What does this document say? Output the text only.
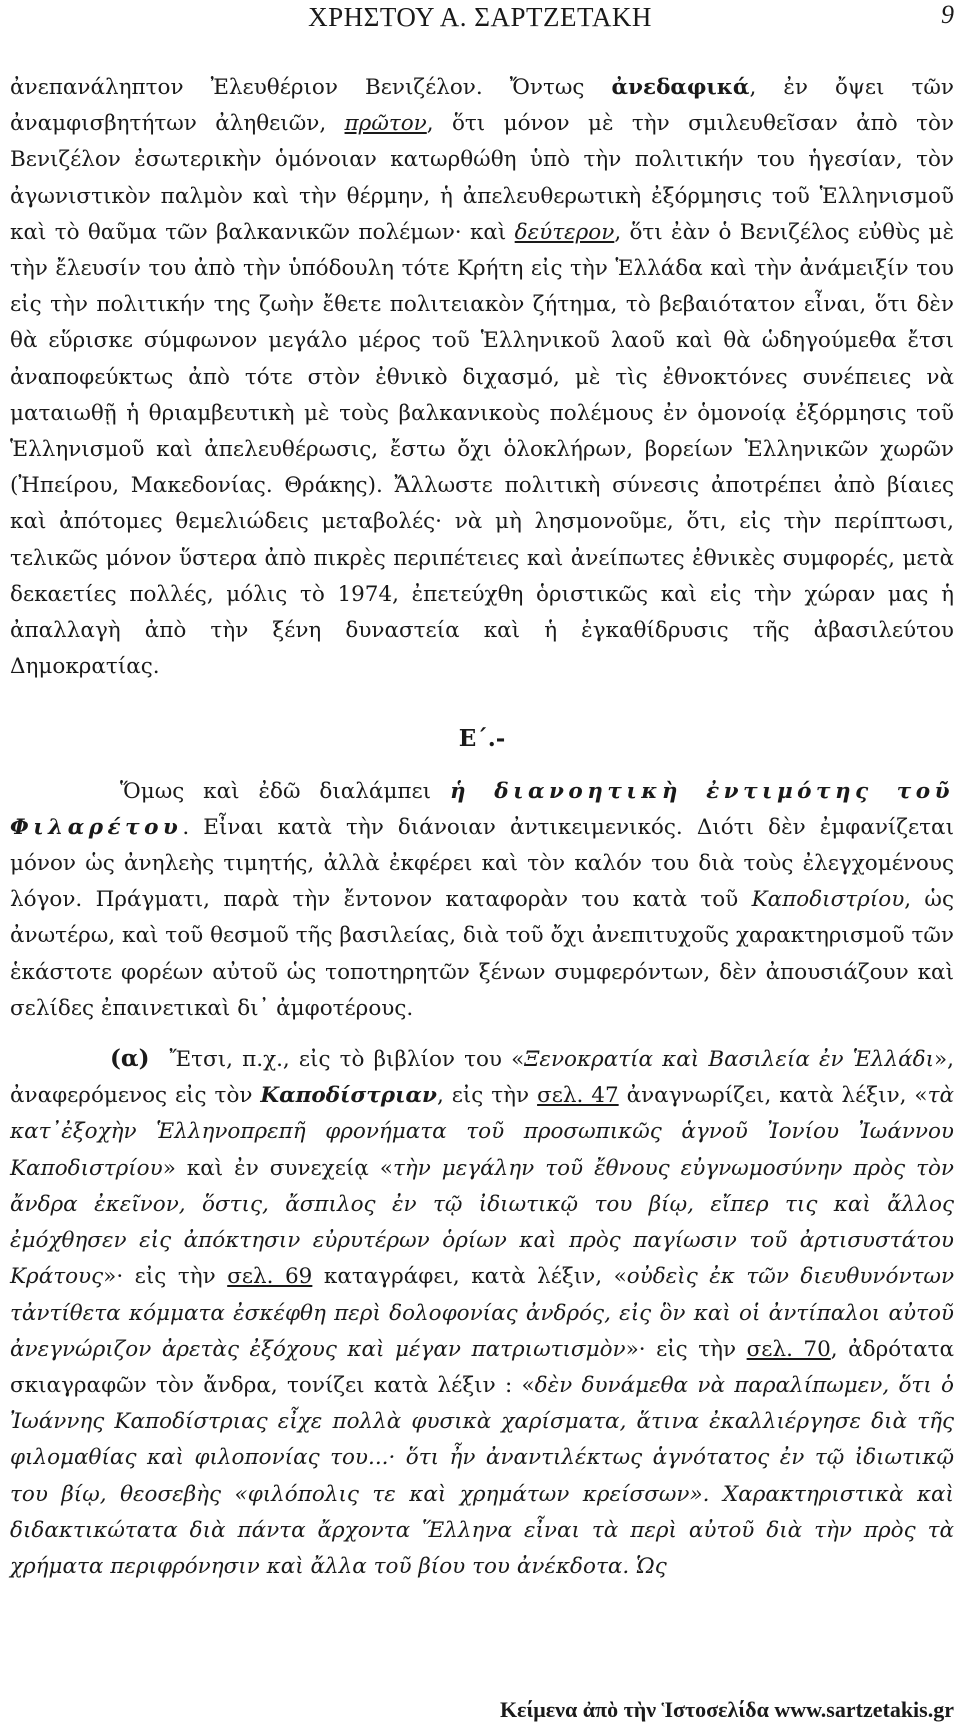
ΧΡΗΣΤΟΥ Α. ΣΑΡΤΖΕΤΑΚΗ	9

ἀνεπανάληπτον Ἐλευθέριον Βενιζέλον. Ὄντως ἀνεδαφικά, ἐν ὄψει τῶν ἀναμφισβητήτων ἀληθειῶν, πρῶτον, ὅτι μόνον μὲ τὴν σμιλευθεῖσαν ἀπὸ τὸν Βενιζέλον ἐσωτερικὴν ὁμόνοιαν κατωρθώθη ὑπὸ τὴν πολιτικήν του ἡγεσίαν, τὸν ἀγωνιστικὸν παλμὸν καὶ τὴν θέρμην, ἡ ἀπελευθερωτικὴ ἐξόρμησις τοῦ Ἑλληνισμοῦ καὶ τὸ θαῦμα τῶν βαλκανικῶν πολέμων· καὶ δεύτερον, ὅτι ἐὰν ὁ Βενιζέλος εὐθὺς μὲ τὴν ἔλευσίν του ἀπὸ τὴν ὑπόδουλη τότε Κρήτη εἰς τὴν Ἑλλάδα καὶ τὴν ἀνάμειξίν του εἰς τὴν πολιτικήν της ζωὴν ἔθετε πολιτειακὸν ζήτημα, τὸ βεβαιότατον εἶναι, ὅτι δὲν θὰ εὕρισκε σύμφωνον μεγάλο μέρος τοῦ Ἑλληνικοῦ λαοῦ καὶ θὰ ὡδηγούμεθα ἔτσι ἀναποφεύκτως ἀπὸ τότε στὸν ἐθνικὸ διχασμό, μὲ τὶς ἐθνοκτόνες συνέπειες νὰ ματαιωθῇ ἡ θριαμβευτικὴ μὲ τοὺς βαλκανικοὺς πολέμους ἐν ὁμονοίᾳ ἐξόρμησις τοῦ Ἑλληνισμοῦ καὶ ἀπελευθέρωσις, ἔστω ὄχι ὁλοκλήρων, βορείων Ἑλληνικῶν χωρῶν (Ἠπείρου, Μακεδονίας. Θράκης). Ἄλλωστε πολιτικὴ σύνεσις ἀποτρέπει ἀπὸ βίαιες καὶ ἀπότομες θεμελιώδεις μεταβολές· νὰ μὴ λησμονοῦμε, ὅτι, εἰς τὴν περίπτωσι, τελικῶς μόνον ὕστερα ἀπὸ πικρὲς περιπέτειες καὶ ἀνείπωτες ἐθνικὲς συμφορές, μετὰ δεκαετίες πολλές, μόλις τὸ 1974, ἐπετεύχθη ὁριστικῶς καὶ εἰς τὴν χώραν μας ἡ ἀπαλλαγὴ ἀπὸ τὴν ξένη δυναστεία καὶ ἡ ἐγκαθίδρυσις τῆς ἀβασιλεύτου Δημοκρατίας.

Ε΄.-

Ὅμως καὶ ἐδῶ διαλάμπει ἡ διανοητικὴ ἐντιμότης τοῦ Φιλαρέτου. Εἶναι κατὰ τὴν διάνοιαν ἀντικειμενικός. Διότι δὲν ἐμφανίζεται μόνον ὡς ἀνηλεὴς τιμητής, ἀλλὰ ἐκφέρει καὶ τὸν καλόν του διὰ τοὺς ἐλεγχομένους λόγον. Πράγματι, παρὰ τὴν ἔντονον καταφορὰν του κατὰ τοῦ Καποδιστρίου, ὡς ἀνωτέρω, καὶ τοῦ θεσμοῦ τῆς βασιλείας, διὰ τοῦ ὄχι ἀνεπιτυχοῦς χαρακτηρισμοῦ τῶν ἑκάστοτε φορέων αὐτοῦ ὡς τοποτηρητῶν ξένων συμφερόντων, δὲν ἀπουσιάζουν καὶ σελίδες ἐπαινετικαὶ δι᾽ ἀμφοτέρους.

(α) Ἔτσι, π.χ., εἰς τὸ βιβλίον του «Ξενοκρατία καὶ Βασιλεία ἐν Ἑλλάδι», ἀναφερόμενος εἰς τὸν Καποδίστριαν, εἰς τὴν σελ. 47 ἀναγνωρίζει, κατὰ λέξιν, «τὰ κατ᾽ἐξοχὴν Ἑλληνοπρεπῆ φρονήματα τοῦ προσωπικῶς ἁγνοῦ Ἰονίου Ἰωάννου Καποδιστρίου» καὶ ἐν συνεχείᾳ «τὴν μεγάλην τοῦ ἔθνους εὐγνωμοσύνην πρὸς τὸν ἄνδρα ἐκεῖνον, ὅστις, ἄσπιλος ἐν τῷ ἰδιωτικῷ του βίῳ, εἴπερ τις καὶ ἄλλος ἐμόχθησεν εἰς ἀπόκτησιν εὐρυτέρων ὁρίων καὶ πρὸς παγίωσιν τοῦ ἀρτισυστάτου Κράτους»· εἰς τὴν σελ. 69 καταγράφει, κατὰ λέξιν, «οὐδεὶς ἐκ τῶν διευθυνόντων τἀντίθετα κόμματα ἐσκέφθη περὶ δολοφονίας ἀνδρός, εἰς ὃν καὶ οἱ ἀντίπαλοι αὐτοῦ ἀνεγνώριζον ἀρετὰς ἐξόχους καὶ μέγαν πατριωτισμὸν»· εἰς τὴν σελ. 70, ἀδρότατα σκιαγραφῶν τὸν ἄνδρα, τονίζει κατὰ λέξιν : «δὲν δυνάμεθα νὰ παραλίπωμεν, ὅτι ὁ Ἰωάννης Καποδίστριας εἶχε πολλὰ φυσικὰ χαρίσματα, ἅτινα ἐκαλλιέργησε διὰ τῆς φιλομαθίας καὶ φιλοπονίας του...· ὅτι ἦν ἀναντιλέκτως ἁγνότατος ἐν τῷ ἰδιωτικῷ του βίῳ, θεοσεβὴς «φιλόπολις τε καὶ χρημάτων κρείσσων». Χαρακτηριστικὰ καὶ διδακτικώτατα διὰ πάντα ἄρχοντα Ἕλληνα εἶναι τὰ περὶ αὐτοῦ διὰ τὴν πρὸς τὰ χρήματα περιφρόνησιν καὶ ἄλλα τοῦ βίου του ἀνέκδοτα. Ὡς

Κείμενα ἀπὸ τὴν Ἱστοσελίδα www.sartzetakis.gr
